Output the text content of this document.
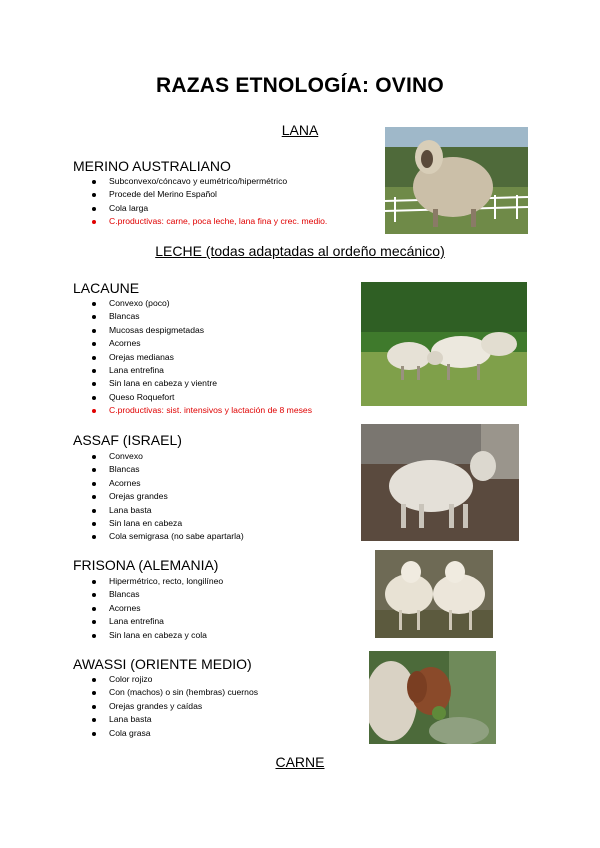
RAZAS ETNOLOGÍA: OVINO
LANA
MERINO AUSTRALIANO
Subconvexo/cóncavo y eumétrico/hipermétrico
Procede del Merino Español
Cola larga
C.productivas: carne, poca leche, lana fina y crec. medio.
LECHE (todas adaptadas al ordeño mecánico)
LACAUNE
Convexo (poco)
Blancas
Mucosas despigmetadas
Acornes
Orejas medianas
Lana entrefina
Sin lana en cabeza y vientre
Queso Roquefort
C.productivas: sist. intensivos y lactación de 8 meses
ASSAF (ISRAEL)
Convexo
Blancas
Acornes
Orejas grandes
Lana basta
Sin lana en cabeza
Cola semigrasa (no sabe apartarla)
FRISONA (ALEMANIA)
Hipermétrico, recto, longilíneo
Blancas
Acornes
Lana entrefina
Sin lana en cabeza y cola
AWASSI (ORIENTE MEDIO)
Color rojizo
Con (machos) o sin (hembras) cuernos
Orejas grandes y caídas
Lana basta
Cola grasa
CARNE
